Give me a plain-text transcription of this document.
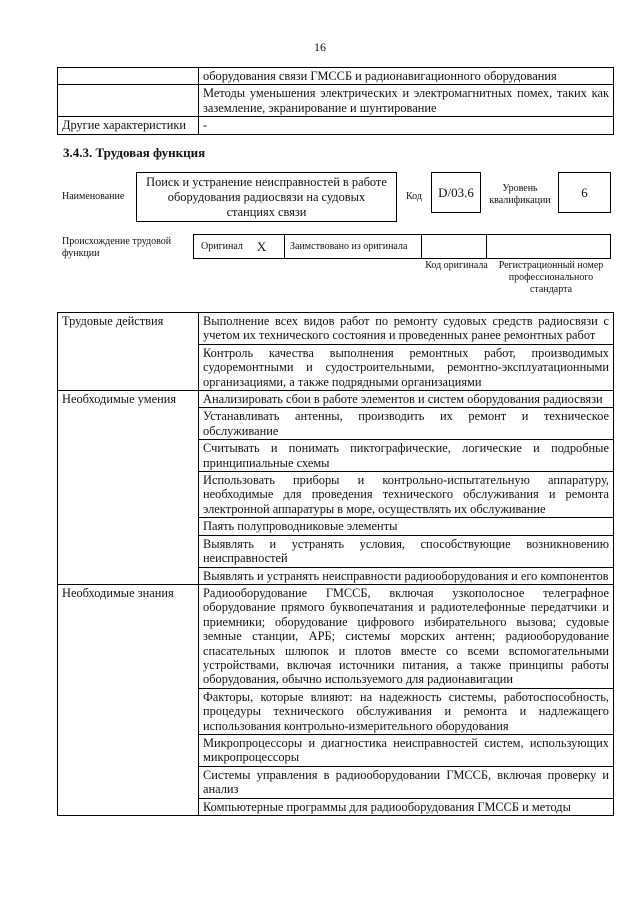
16
	оборудования связи ГМССБ и радионавигационного оборудования
	Методы уменьшения электрических и электромагнитных помех, таких как заземление, экранирование и шунтирование
Другие характеристики	-
3.4.3. Трудовая функция
Наименование
Поиск и устранение неисправностей в работе оборудования радиосвязи на судовых станциях связи
Код	D/03.6	Уровень квалификации
6
Происхождение трудовой функции
Оригинал X Заимствовано из оригинала
Код оригинала	Регистрационный номер профессионального стандарта
Трудовые действия	Выполнение всех видов работ по ремонту судовых средств радиосвязи с учетом их технического состояния и проведенных ранее ремонтных работ
	Контроль качества выполнения ремонтных работ, производимых судоремонтными и судостроительными, ремонтно-эксплуатационными организациями, а также подрядными организациями
Необходимые умения	Анализировать сбои в работе элементов и систем оборудования радиосвязи
	Устанавливать антенны, производить их ремонт и техническое обслуживание
	Считывать и понимать пиктографические, логические и подробные принципиальные схемы
	Использовать приборы и контрольно-испытательную аппаратуру, необходимые для проведения технического обслуживания и ремонта электронной аппаратуры в море, осуществлять их обслуживание
	Паять полупроводниковые элементы
	Выявлять и устранять условия, способствующие возникновению неисправностей
	Выявлять и устранять неисправности радиооборудования и его компонентов
Необходимые знания	Радиооборудование ГМССБ, включая узкополосное телеграфное оборудование прямого буквопечатания и радиотелефонные передатчики и приемники; оборудование цифрового избирательного вызова; судовые земные станции, АРБ; системы морских антенн; радиооборудование спасательных шлюпок и плотов вместе со всеми вспомогательными устройствами, включая источники питания, а также принципы работы оборудования, обычно используемого для радионавигации
	Факторы, которые влияют: на надежность системы, работоспособность, процедуры технического обслуживания и ремонта и надлежащего использования контрольно-измерительного оборудования
	Микропроцессоры и диагностика неисправностей систем, использующих микропроцессоры
	Системы управления в радиооборудовании ГМССБ, включая проверку и анализ
	Компьютерные программы для радиооборудования ГМССБ и методы
